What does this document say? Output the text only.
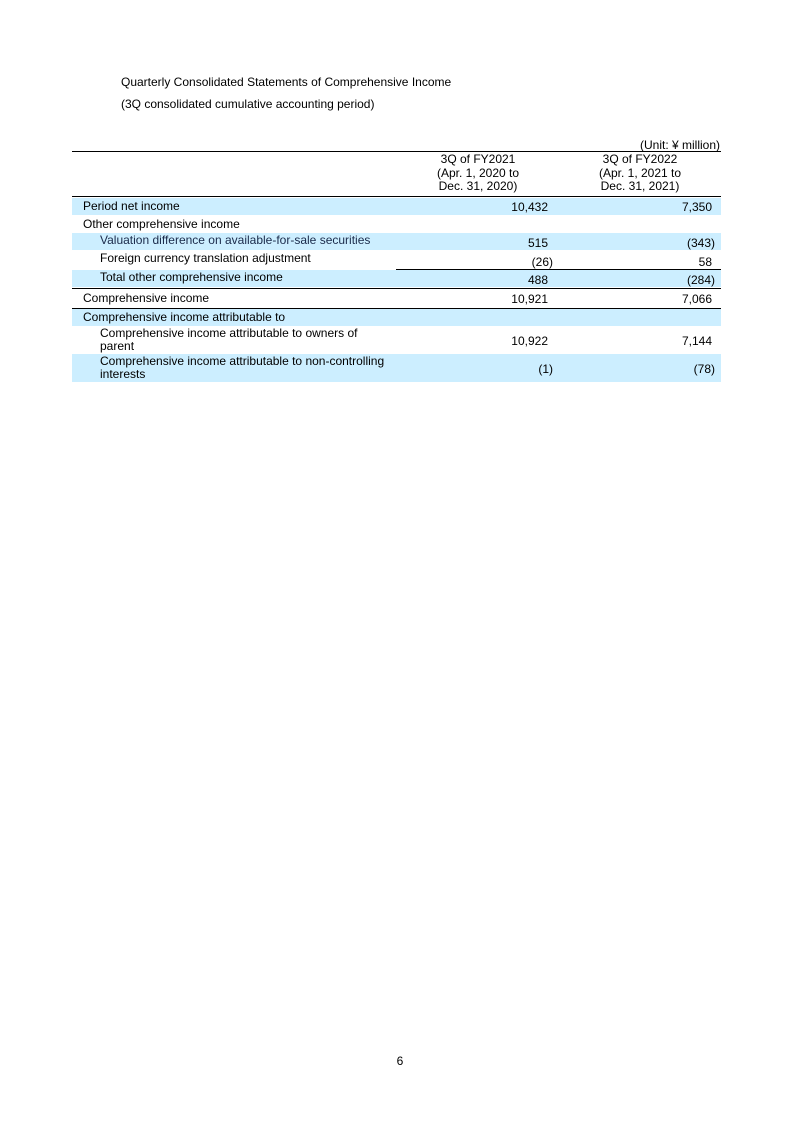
Quarterly Consolidated Statements of Comprehensive Income
(3Q consolidated cumulative accounting period)
(Unit: ¥ million)
3Q of FY2021
(Apr. 1, 2020 to
Dec. 31, 2020)
3Q of FY2022
(Apr. 1, 2021 to
Dec. 31, 2021)
Period net income	10,432	7,350
Other comprehensive income
Valuation difference on available-for-sale securities	515	(343)
Foreign currency translation adjustment	(26)	58
Total other comprehensive income	488	(284)
Comprehensive income	10,921	7,066
Comprehensive income attributable to
Comprehensive income attributable to owners of
parent	10,922	7,144
Comprehensive income attributable to non-controlling
interests	(1)	(78)
6
